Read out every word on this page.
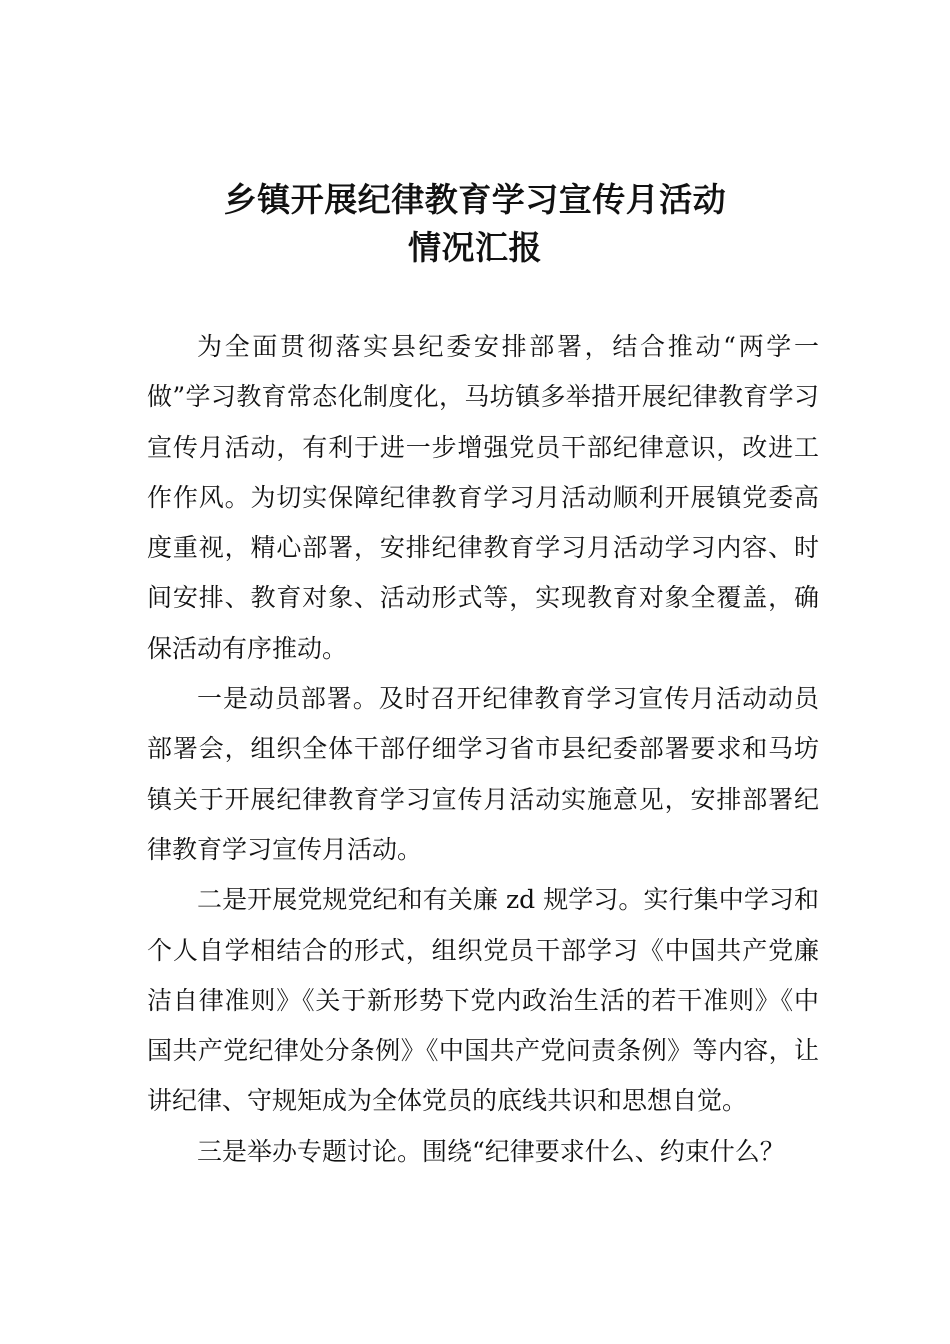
乡镇开展纪律教育学习宣传月活动
情况汇报

为全面贯彻落实县纪委安排部署，结合推动“两学一做”学习教育常态化制度化，马坊镇多举措开展纪律教育学习宣传月活动，有利于进一步增强党员干部纪律意识，改进工作作风。为切实保障纪律教育学习月活动顺利开展镇党委高度重视，精心部署，安排纪律教育学习月活动学习内容、时间安排、教育对象、活动形式等，实现教育对象全覆盖，确保活动有序推动。

一是动员部署。及时召开纪律教育学习宣传月活动动员部署会，组织全体干部仔细学习省市县纪委部署要求和马坊镇关于开展纪律教育学习宣传月活动实施意见，安排部署纪律教育学习宣传月活动。

二是开展党规党纪和有关廉 zd 规学习。实行集中学习和个人自学相结合的形式，组织党员干部学习《中国共产党廉洁自律准则》《关于新形势下党内政治生活的若干准则》《中国共产党纪律处分条例》《中国共产党问责条例》等内容，让讲纪律、守规矩成为全体党员的底线共识和思想自觉。

三是举办专题讨论。围绕“纪律要求什么、约束什么？
